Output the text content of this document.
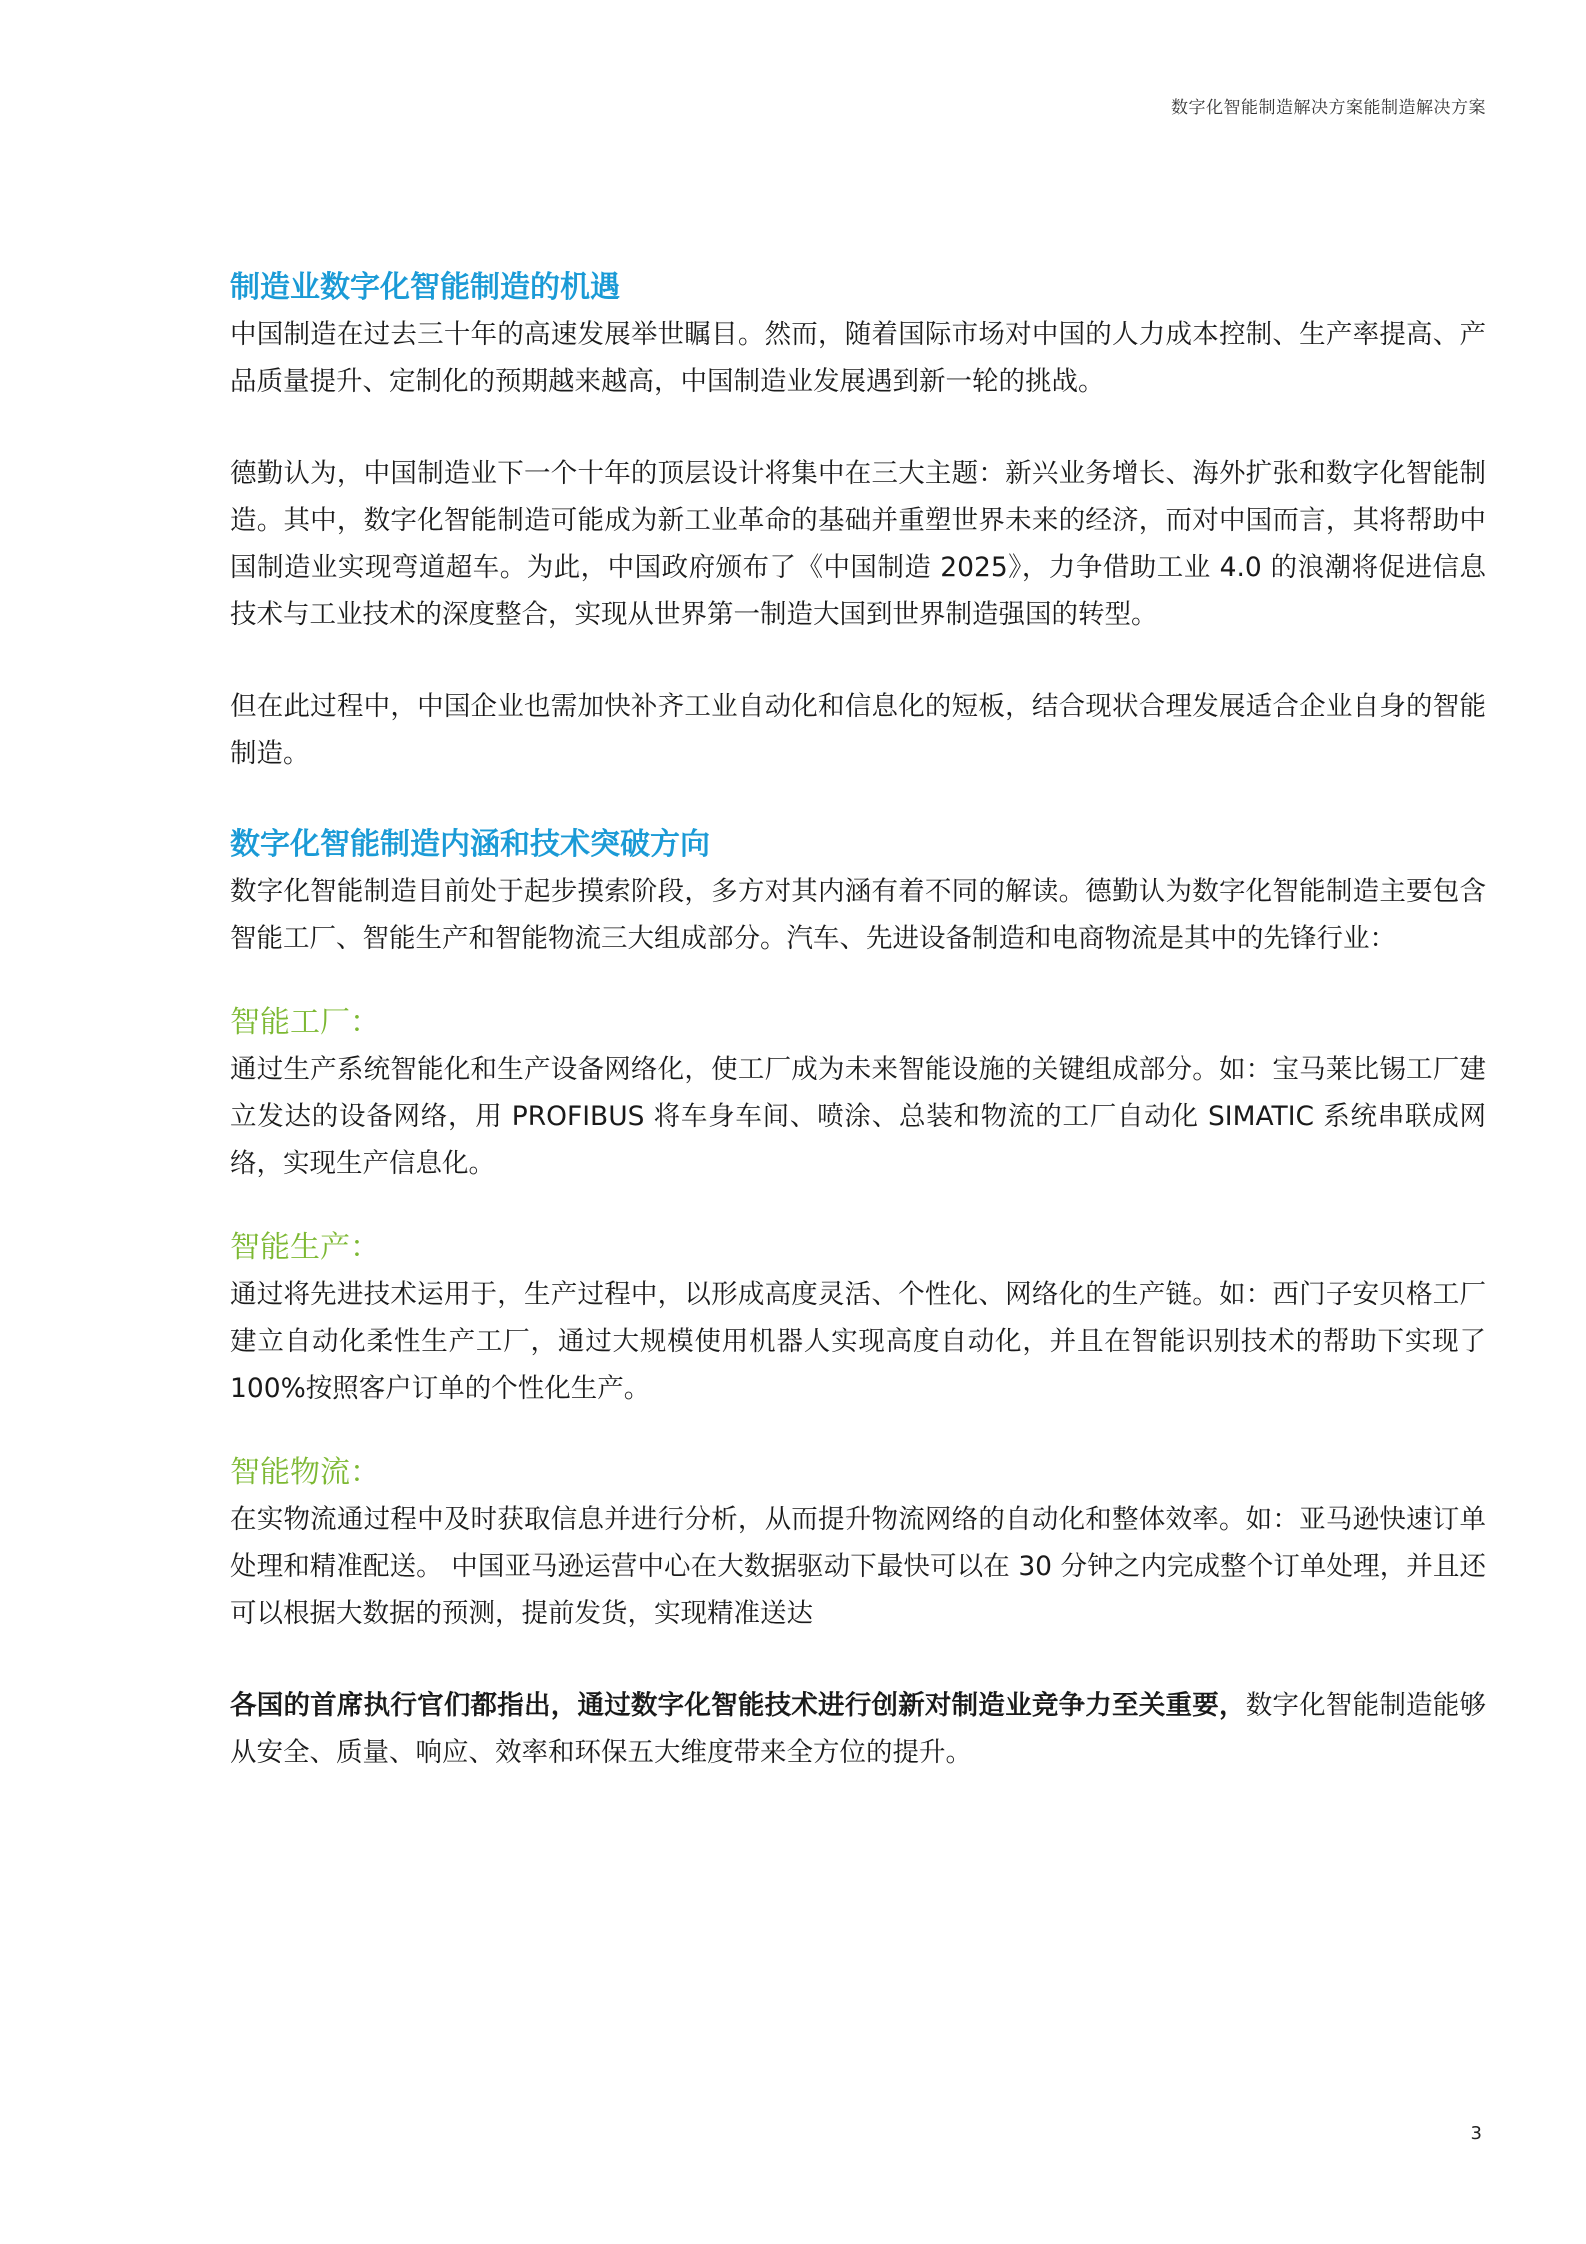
数字化智能制造解决方案能制造解决方案
制造业数字化智能制造的机遇

中国制造在过去三十年的高速发展举世瞩目。然而，随着国际市场对中国的人力成本控制、生产率提高、产品质量提升、定制化的预期越来越高，中国制造业发展遇到新一轮的挑战。

德勤认为，中国制造业下一个十年的顶层设计将集中在三大主题：新兴业务增长、海外扩张和数字化智能制造。其中，数字化智能制造可能成为新工业革命的基础并重塑世界未来的经济，而对中国而言，其将帮助中国制造业实现弯道超车。为此，中国政府颁布了《中国制造 2025》，力争借助工业 4.0 的浪潮将促进信息技术与工业技术的深度整合，实现从世界第一制造大国到世界制造强国的转型。

但在此过程中，中国企业也需加快补齐工业自动化和信息化的短板，结合现状合理发展适合企业自身的智能制造。

数字化智能制造内涵和技术突破方向

数字化智能制造目前处于起步摸索阶段，多方对其内涵有着不同的解读。德勤认为数字化智能制造主要包含智能工厂、智能生产和智能物流三大组成部分。汽车、先进设备制造和电商物流是其中的先锋行业：

智能工厂：

通过生产系统智能化和生产设备网络化，使工厂成为未来智能设施的关键组成部分。如：宝马莱比锡工厂建立发达的设备网络，用 PROFIBUS 将车身车间、喷涂、总装和物流的工厂自动化 SIMATIC 系统串联成网络，实现生产信息化。

智能生产：

通过将先进技术运用于，生产过程中，以形成高度灵活、个性化、网络化的生产链。如：西门子安贝格工厂建立自动化柔性生产工厂，通过大规模使用机器人实现高度自动化，并且在智能识别技术的帮助下实现了 100%按照客户订单的个性化生产。

智能物流：

在实物流通过程中及时获取信息并进行分析，从而提升物流网络的自动化和整体效率。如：亚马逊快速订单处理和精准配送。 中国亚马逊运营中心在大数据驱动下最快可以在 30 分钟之内完成整个订单处理，并且还可以根据大数据的预测，提前发货，实现精准送达

各国的首席执行官们都指出，通过数字化智能技术进行创新对制造业竞争力至关重要，数字化智能制造能够从安全、质量、响应、效率和环保五大维度带来全方位的提升。

3
